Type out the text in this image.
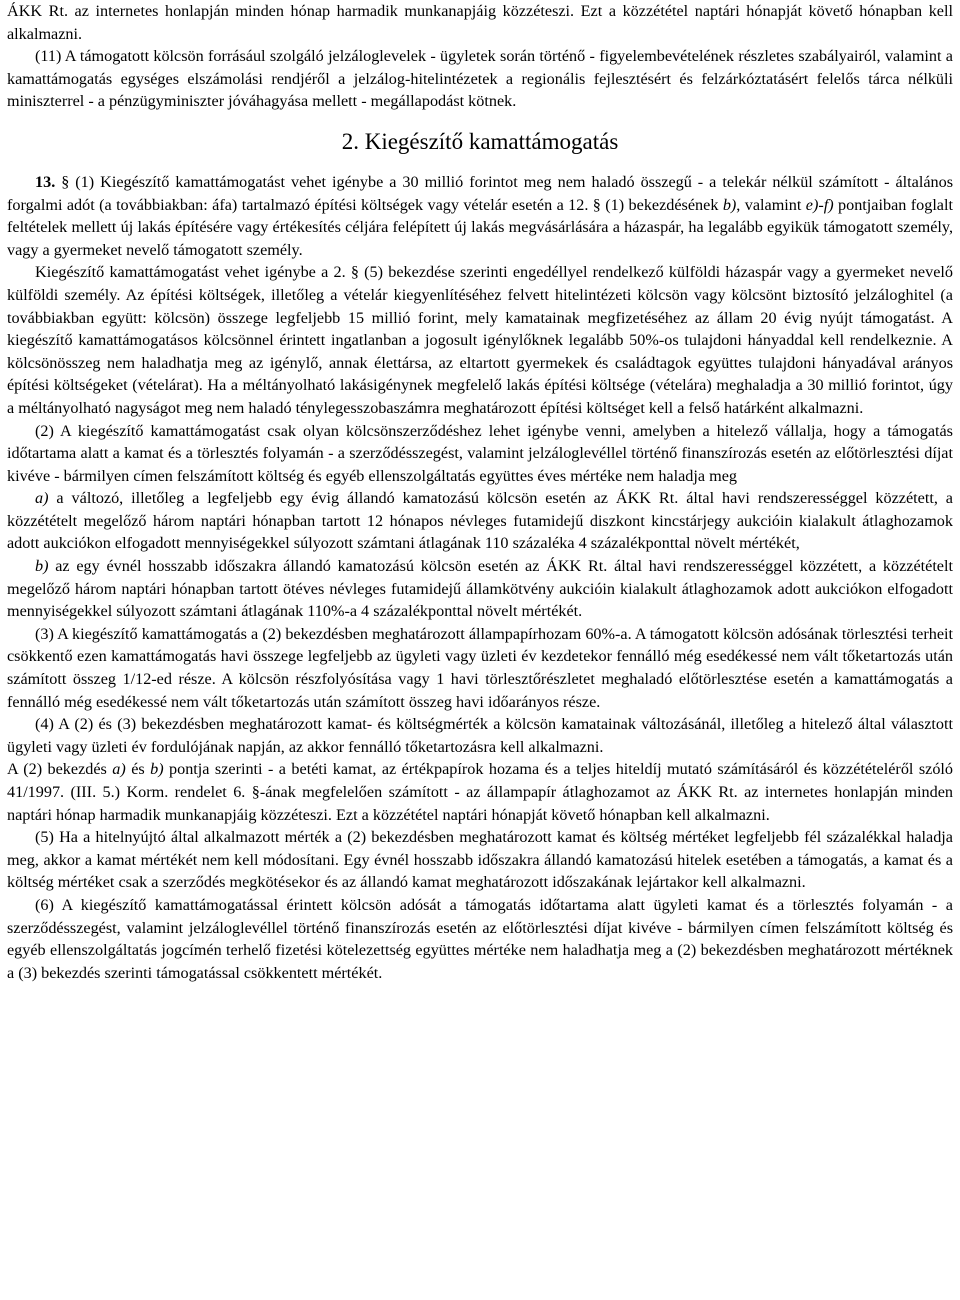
ÁKK Rt. az internetes honlapján minden hónap harmadik munkanapjáig közzéteszi. Ezt a közzététel naptári hónapját követő hónapban kell alkalmazni.

(11) A támogatott kölcsön forrásául szolgáló jelzáloglevelek - ügyletek során történő - figyelembevételének részletes szabályairól, valamint a kamattámogatás egységes elszámolási rendjéről a jelzálog-hitelintézetek a regionális fejlesztésért és felzárkóztatásért felelős tárca nélküli miniszterrel - a pénzügyminiszter jóváhagyása mellett - megállapodást kötnek.

2. Kiegészítő kamattámogatás

13. § (1) Kiegészítő kamattámogatást vehet igénybe a 30 millió forintot meg nem haladó összegű - a telekár nélkül számított - általános forgalmi adót (a továbbiakban: áfa) tartalmazó építési költségek vagy vételár esetén a 12. § (1) bekezdésének b), valamint e)-f) pontjaiban foglalt feltételek mellett új lakás építésére vagy értékesítés céljára felépített új lakás megvásárlására a házaspár, ha legalább egyikük támogatott személy, vagy a gyermeket nevelő támogatott személy.

Kiegészítő kamattámogatást vehet igénybe a 2. § (5) bekezdése szerinti engedéllyel rendelkező külföldi házaspár vagy a gyermeket nevelő külföldi személy. Az építési költségek, illetőleg a vételár kiegyenlítéséhez felvett hitelintézeti kölcsön vagy kölcsönt biztosító jelzáloghitel (a továbbiakban együtt: kölcsön) összege legfeljebb 15 millió forint, mely kamatainak megfizetéséhez az állam 20 évig nyújt támogatást. A kiegészítő kamattámogatásos kölcsönnel érintett ingatlanban a jogosult igénylőknek legalább 50%-os tulajdoni hányaddal kell rendelkeznie. A kölcsönösszeg nem haladhatja meg az igénylő, annak élettársa, az eltartott gyermekek és családtagok együttes tulajdoni hányadával arányos építési költségeket (vételárat). Ha a méltányolható lakásigénynek megfelelő lakás építési költsége (vételára) meghaladja a 30 millió forintot, úgy a méltányolható nagyságot meg nem haladó ténylegesszobaszámra meghatározott építési költséget kell a felső határként alkalmazni.

(2) A kiegészítő kamattámogatást csak olyan kölcsönszerződéshez lehet igénybe venni, amelyben a hitelező vállalja, hogy a támogatás időtartama alatt a kamat és a törlesztés folyamán - a szerződésszegést, valamint jelzáloglevéllel történő finanszírozás esetén az előtörlesztési díjat kivéve - bármilyen címen felszámított költség és egyéb ellenszolgáltatás együttes éves mértéke nem haladja meg

a) a változó, illetőleg a legfeljebb egy évig állandó kamatozású kölcsön esetén az ÁKK Rt. által havi rendszerességgel közzétett, a közzétételt megelőző három naptári hónapban tartott 12 hónapos névleges futamidejű diszkont kincstárjegy aukcióin kialakult átlaghozamok adott aukciókon elfogadott mennyiségekkel súlyozott számtani átlagának 110 százaléka 4 százalékponttal növelt mértékét,

b) az egy évnél hosszabb időszakra állandó kamatozású kölcsön esetén az ÁKK Rt. által havi rendszerességgel közzétett, a közzétételt megelőző három naptári hónapban tartott ötéves névleges futamidejű államkötvény aukcióin kialakult átlaghozamok adott aukciókon elfogadott mennyiségekkel súlyozott számtani átlagának 110%-a 4 százalékponttal növelt mértékét.

(3) A kiegészítő kamattámogatás a (2) bekezdésben meghatározott állampapírhozam 60%-a. A támogatott kölcsön adósának törlesztési terheit csökkentő ezen kamattámogatás havi összege legfeljebb az ügyleti vagy üzleti év kezdetekor fennálló még esedékessé nem vált tőketartozás után számított összeg 1/12-ed része. A kölcsön részfolyósítása vagy 1 havi törlesztőrészletet meghaladó előtörlesztése esetén a kamattámogatás a fennálló még esedékessé nem vált tőketartozás után számított összeg havi időarányos része.

(4) A (2) és (3) bekezdésben meghatározott kamat- és költségmérték a kölcsön kamatainak változásánál, illetőleg a hitelező által választott ügyleti vagy üzleti év fordulójának napján, az akkor fennálló tőketartozásra kell alkalmazni.

A (2) bekezdés a) és b) pontja szerinti - a betéti kamat, az értékpapírok hozama és a teljes hiteldíj mutató számításáról és közzétételéről szóló 41/1997. (III. 5.) Korm. rendelet 6. §-ának megfelelően számított - az állampapír átlaghozamot az ÁKK Rt. az internetes honlapján minden naptári hónap harmadik munkanapjáig közzéteszi. Ezt a közzététel naptári hónapját követő hónapban kell alkalmazni.

(5) Ha a hitelnyújtó által alkalmazott mérték a (2) bekezdésben meghatározott kamat és költség mértéket legfeljebb fél százalékkal haladja meg, akkor a kamat mértékét nem kell módosítani. Egy évnél hosszabb időszakra állandó kamatozású hitelek esetében a támogatás, a kamat és a költség mértéket csak a szerződés megkötésekor és az állandó kamat meghatározott időszakának lejártakor kell alkalmazni.

(6) A kiegészítő kamattámogatással érintett kölcsön adósát a támogatás időtartama alatt ügyleti kamat és a törlesztés folyamán - a szerződésszegést, valamint jelzáloglevéllel történő finanszírozás esetén az előtörlesztési díjat kivéve - bármilyen címen felszámított költség és egyéb ellenszolgáltatás jogcímén terhelő fizetési kötelezettség együttes mértéke nem haladhatja meg a (2) bekezdésben meghatározott mértéknek a (3) bekezdés szerinti támogatással csökkentett mértékét.
